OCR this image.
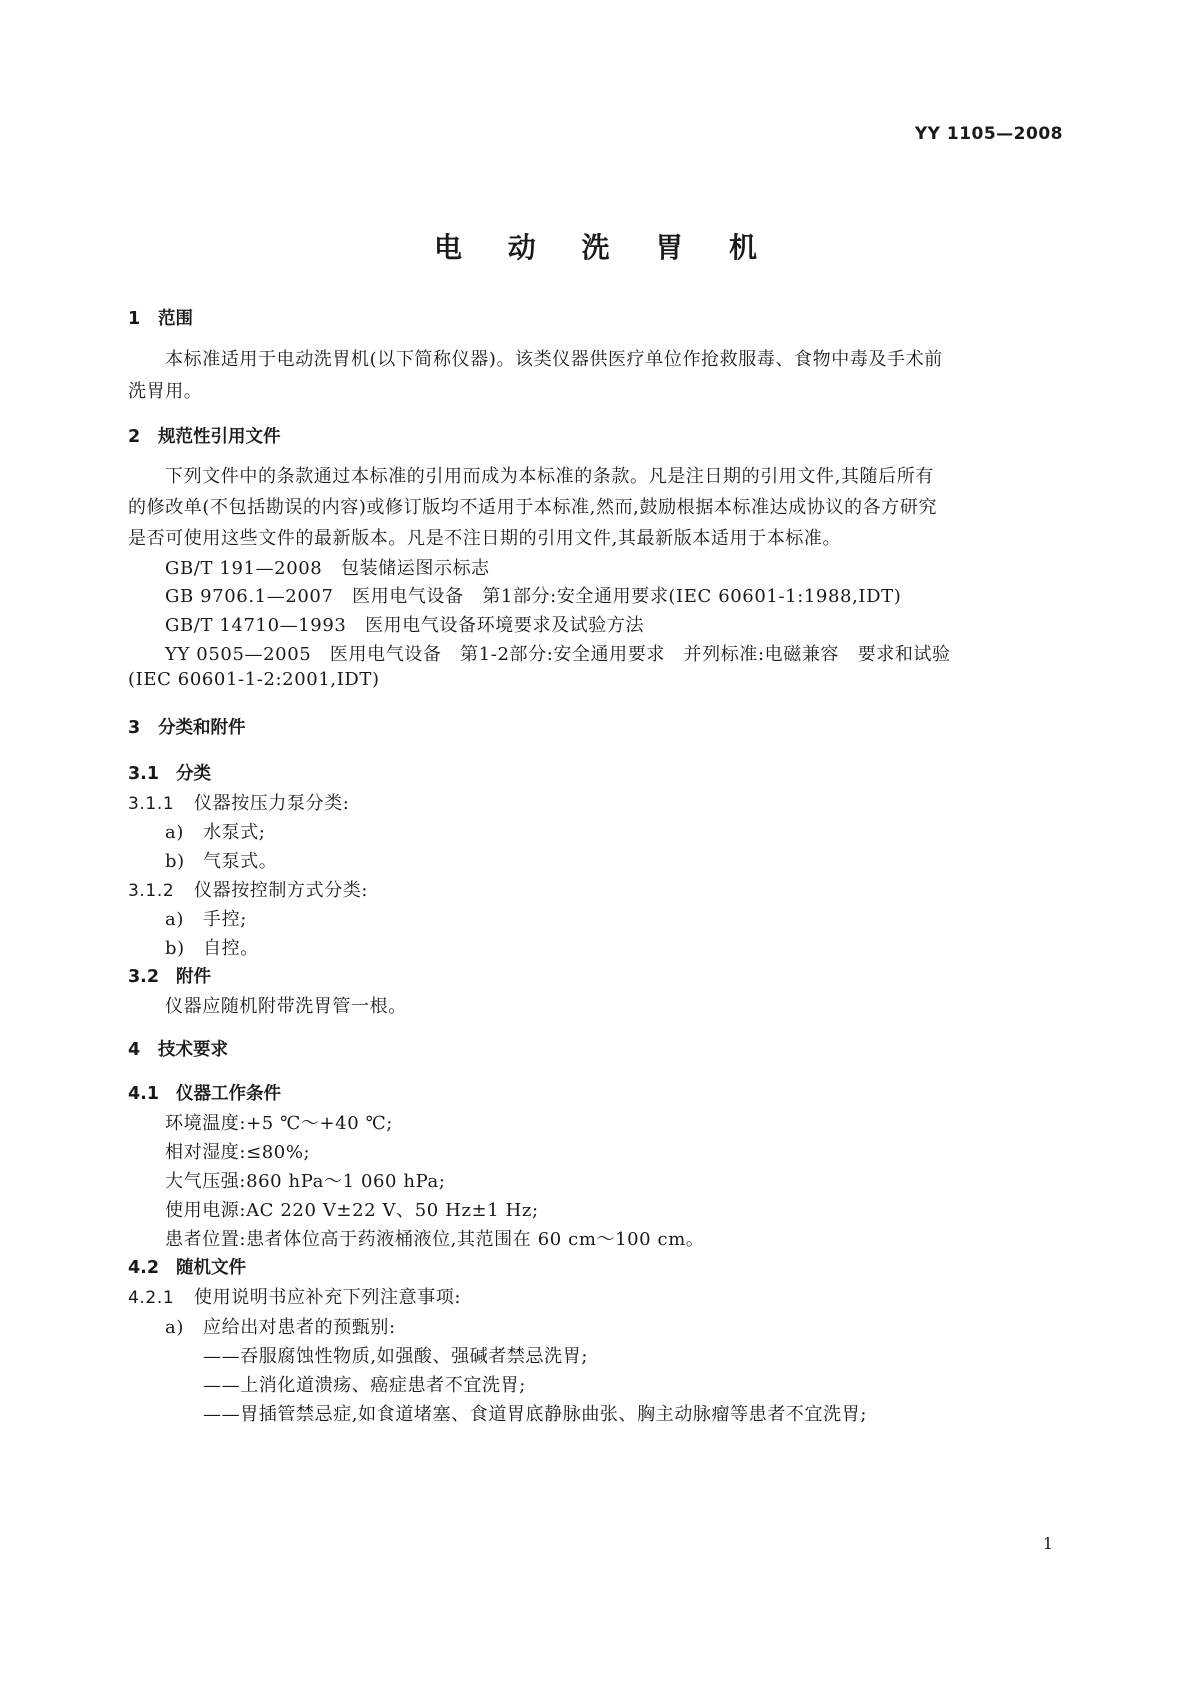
YY 1105—2008
电 动 洗 胃 机
1 范围
本标准适用于电动洗胃机(以下简称仪器)。该类仪器供医疗单位作抢救服毒、食物中毒及手术前
洗胃用。
2 规范性引用文件
下列文件中的条款通过本标准的引用而成为本标准的条款。凡是注日期的引用文件,其随后所有
的修改单(不包括勘误的内容)或修订版均不适用于本标准,然而,鼓励根据本标准达成协议的各方研究
是否可使用这些文件的最新版本。凡是不注日期的引用文件,其最新版本适用于本标准。
GB/T 191—2008　包装储运图示标志
GB 9706.1—2007　医用电气设备　第1部分:安全通用要求(IEC 60601-1:1988,IDT)
GB/T 14710—1993　医用电气设备环境要求及试验方法
YY 0505—2005　医用电气设备　第1-2部分:安全通用要求　并列标准:电磁兼容　要求和试验
(IEC 60601-1-2:2001,IDT)
3 分类和附件
3.1 分类
3.1.1 仪器按压力泵分类:
a) 水泵式;
b) 气泵式。
3.1.2 仪器按控制方式分类:
a) 手控;
b) 自控。
3.2 附件
仪器应随机附带洗胃管一根。
4 技术要求
4.1 仪器工作条件
环境温度:+5 ℃～+40 ℃;
相对湿度:≤80%;
大气压强:860 hPa～1 060 hPa;
使用电源:AC 220 V±22 V、50 Hz±1 Hz;
患者位置:患者体位高于药液桶液位,其范围在 60 cm～100 cm。
4.2 随机文件
4.2.1 使用说明书应补充下列注意事项:
a) 应给出对患者的预甄别:
——吞服腐蚀性物质,如强酸、强碱者禁忌洗胃;
——上消化道溃疡、癌症患者不宜洗胃;
——胃插管禁忌症,如食道堵塞、食道胃底静脉曲张、胸主动脉瘤等患者不宜洗胃;
1
